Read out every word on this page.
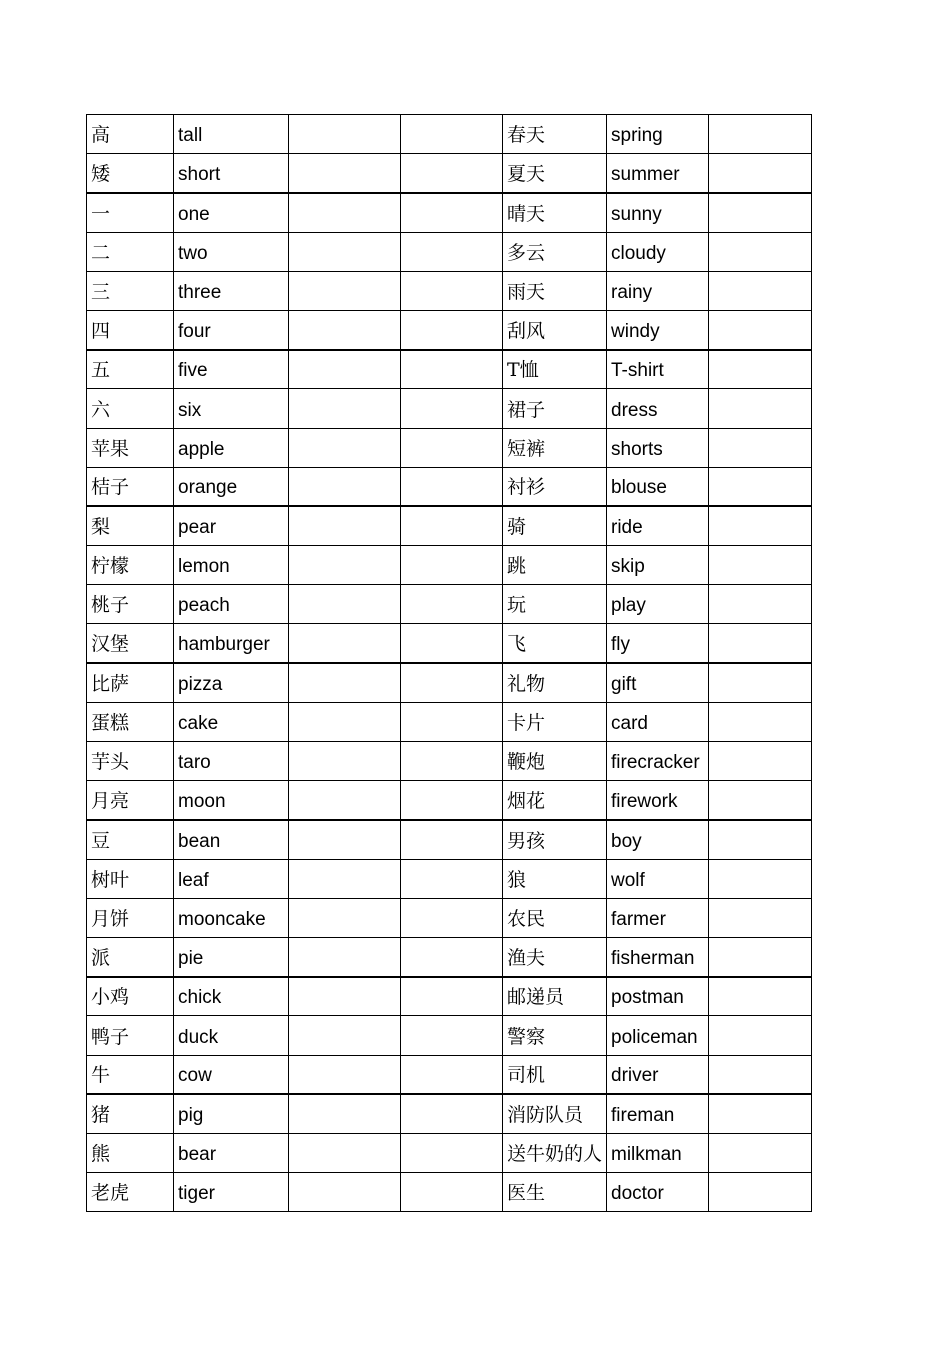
高	tall			春天	spring	
矮	short			夏天	summer	
一	one			晴天	sunny	
二	two			多云	cloudy	
三	three			雨天	rainy	
四	four			刮风	windy	
五	five			T恤	T-shirt	
六	six			裙子	dress	
苹果	apple			短裤	shorts	
桔子	orange			衬衫	blouse	
梨	pear			骑	ride	
柠檬	lemon			跳	skip	
桃子	peach			玩	play	
汉堡	hamburger			飞	fly	
比萨	pizza			礼物	gift	
蛋糕	cake			卡片	card	
芋头	taro			鞭炮	firecracker	
月亮	moon			烟花	firework	
豆	bean			男孩	boy	
树叶	leaf			狼	wolf	
月饼	mooncake			农民	farmer	
派	pie			渔夫	fisherman	
小鸡	chick			邮递员	postman	
鸭子	duck			警察	policeman	
牛	cow			司机	driver	
猪	pig			消防队员	fireman	
熊	bear			送牛奶的人	milkman	
老虎	tiger			医生	doctor	
